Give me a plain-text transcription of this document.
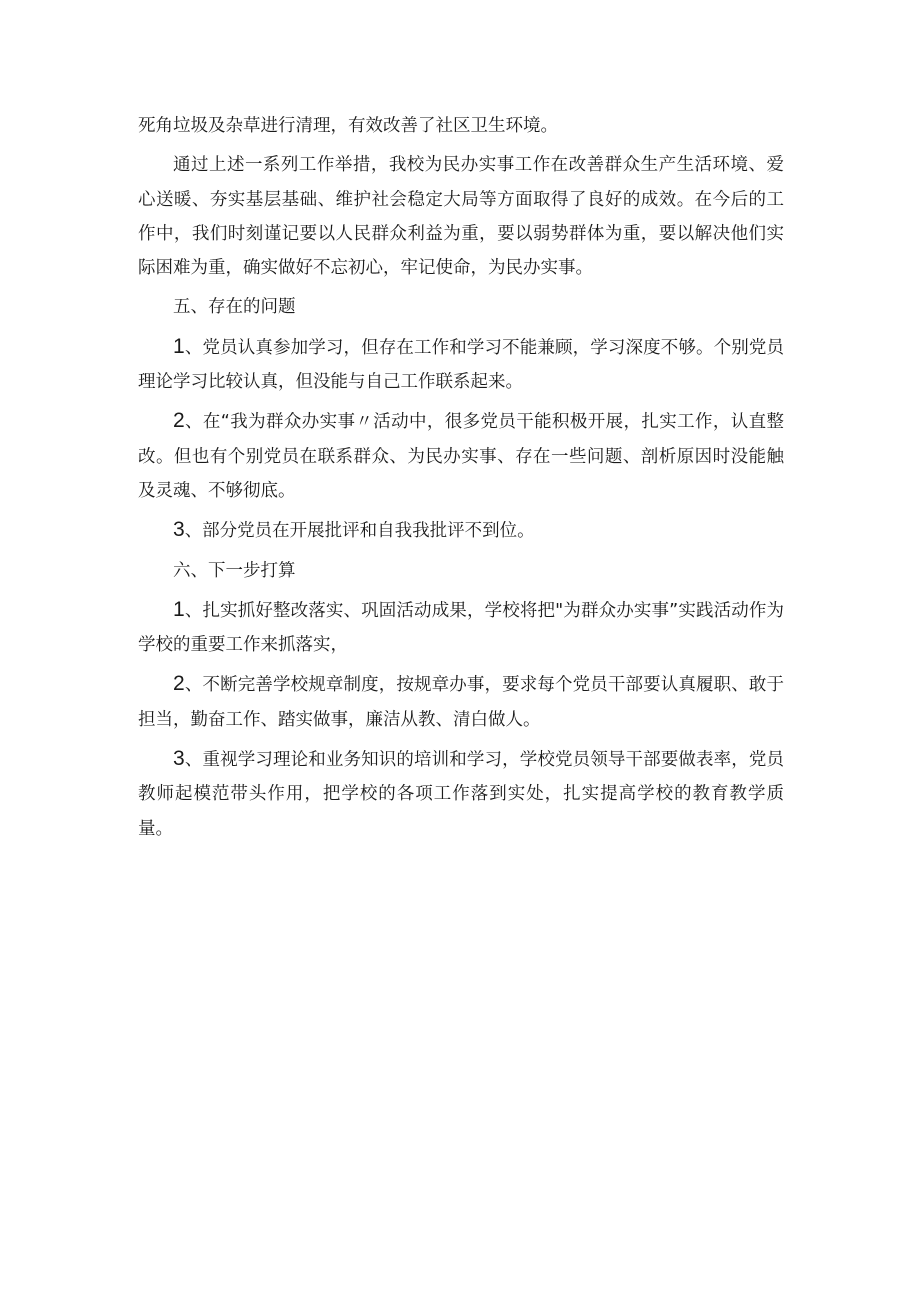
死角垃圾及杂草进行清理，有效改善了社区卫生环境。

通过上述一系列工作举措，我校为民办实事工作在改善群众生产生活环境、爱心送暖、夯实基层基础、维护社会稳定大局等方面取得了良好的成效。在今后的工作中，我们时刻谨记要以人民群众利益为重，要以弱势群体为重，要以解决他们实际困难为重，确实做好不忘初心，牢记使命，为民办实事。

五、存在的问题

1、党员认真参加学习，但存在工作和学习不能兼顾，学习深度不够。个别党员理论学习比较认真，但没能与自己工作联系起来。

2、在“我为群众办实事〃活动中，很多党员干能积极开展，扎实工作，认直整改。但也有个别党员在联系群众、为民办实事、存在一些问题、剖析原因时没能触及灵魂、不够彻底。

3、部分党员在开展批评和自我我批评不到位。

六、下一步打算

1、扎实抓好整改落实、巩固活动成果，学校将把"为群众办实事”实践活动作为学校的重要工作来抓落实，

2、不断完善学校规章制度，按规章办事，要求每个党员干部要认真履职、敢于担当，勤奋工作、踏实做事，廉洁从教、清白做人。

3、重视学习理论和业务知识的培训和学习，学校党员领导干部要做表率，党员教师起模范带头作用，把学校的各项工作落到实处，扎实提高学校的教育教学质量。
